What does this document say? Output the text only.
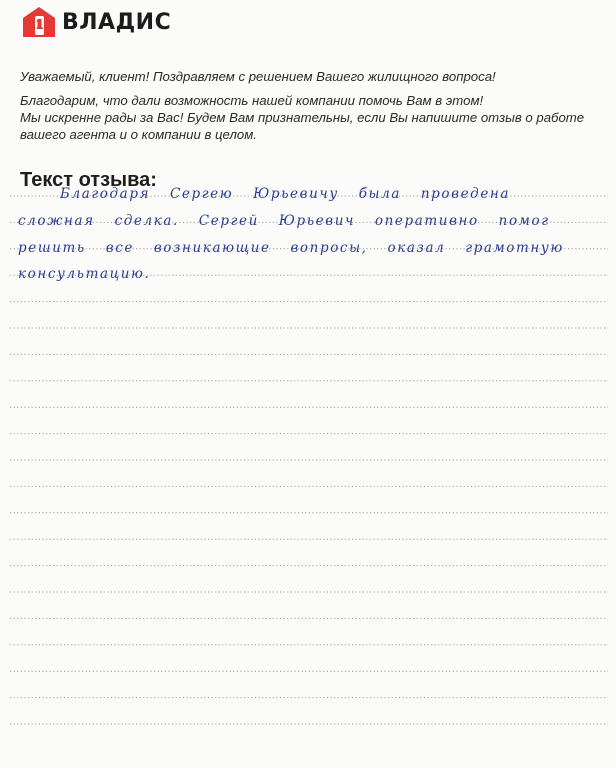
1 ВЛАДИС

Уважаемый, клиент! Поздравляем с решением Вашего жилищного вопроса!

Благодарим, что дали возможность нашей компании помочь Вам в этом!

Мы искренне рады за Вас! Будем Вам признательны, если Вы напишите отзыв о работе

вашего агента и о компании в целом.

Текст отзыва:
Благодаря Сергею Юрьевичу была проведена
сложная сделка. Сергей Юрьевич оперативно помог
решить все возникающие вопросы, оказал грамотную
консультацию.
